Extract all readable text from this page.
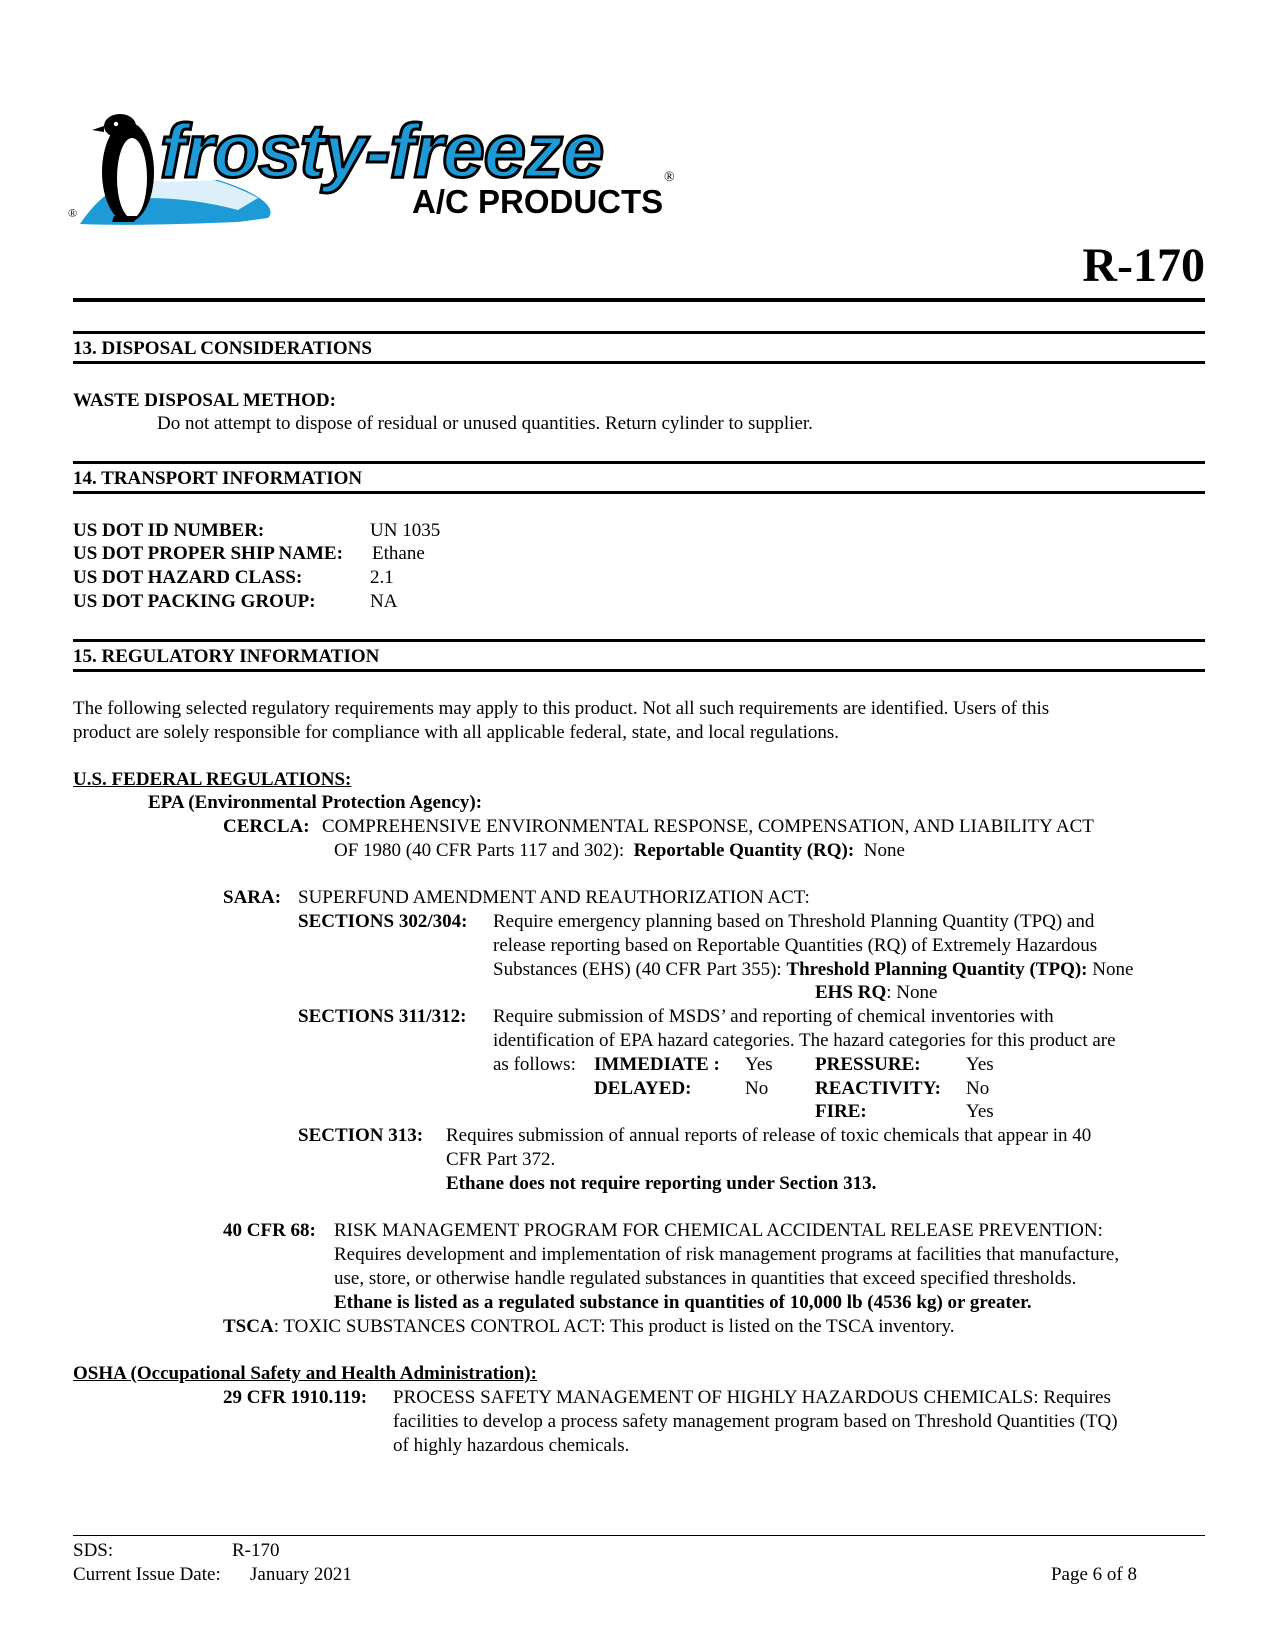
frosty-freeze
A/C PRODUCTS
®
®
R-170
13. DISPOSAL CONSIDERATIONS
WASTE DISPOSAL METHOD:
Do not attempt to dispose of residual or unused quantities. Return cylinder to supplier.
14. TRANSPORT INFORMATION
US DOT ID NUMBER:	UN 1035
US DOT PROPER SHIP NAME: Ethane
US DOT HAZARD CLASS:	2.1
US DOT PACKING GROUP:	NA
15. REGULATORY INFORMATION
The following selected regulatory requirements may apply to this product. Not all such requirements are identified. Users of this
product are solely responsible for compliance with all applicable federal, state, and local regulations.
U.S. FEDERAL REGULATIONS:
EPA (Environmental Protection Agency):
CERCLA: COMPREHENSIVE ENVIRONMENTAL RESPONSE, COMPENSATION, AND LIABILITY ACT
OF 1980 (40 CFR Parts 117 and 302): Reportable Quantity (RQ): None
SARA: SUPERFUND AMENDMENT AND REAUTHORIZATION ACT:
SECTIONS 302/304: Require emergency planning based on Threshold Planning Quantity (TPQ) and
release reporting based on Reportable Quantities (RQ) of Extremely Hazardous
Substances (EHS) (40 CFR Part 355): Threshold Planning Quantity (TPQ): None
EHS RQ: None
SECTIONS 311/312: Require submission of MSDS’ and reporting of chemical inventories with
identification of EPA hazard categories. The hazard categories for this product are
as follows: IMMEDIATE : Yes PRESSURE: Yes
DELAYED:	No REACTIVITY: No
FIRE:	Yes
SECTION 313: Requires submission of annual reports of release of toxic chemicals that appear in 40
CFR Part 372.
Ethane does not require reporting under Section 313.
40 CFR 68: RISK MANAGEMENT PROGRAM FOR CHEMICAL ACCIDENTAL RELEASE PREVENTION:
Requires development and implementation of risk management programs at facilities that manufacture,
use, store, or otherwise handle regulated substances in quantities that exceed specified thresholds.
Ethane is listed as a regulated substance in quantities of 10,000 lb (4536 kg) or greater.
TSCA: TOXIC SUBSTANCES CONTROL ACT: This product is listed on the TSCA inventory.
OSHA (Occupational Safety and Health Administration):
29 CFR 1910.119: PROCESS SAFETY MANAGEMENT OF HIGHLY HAZARDOUS CHEMICALS: Requires
facilities to develop a process safety management program based on Threshold Quantities (TQ)
of highly hazardous chemicals.
SDS:	R-170
Current Issue Date: January 2021	Page 6 of 8
